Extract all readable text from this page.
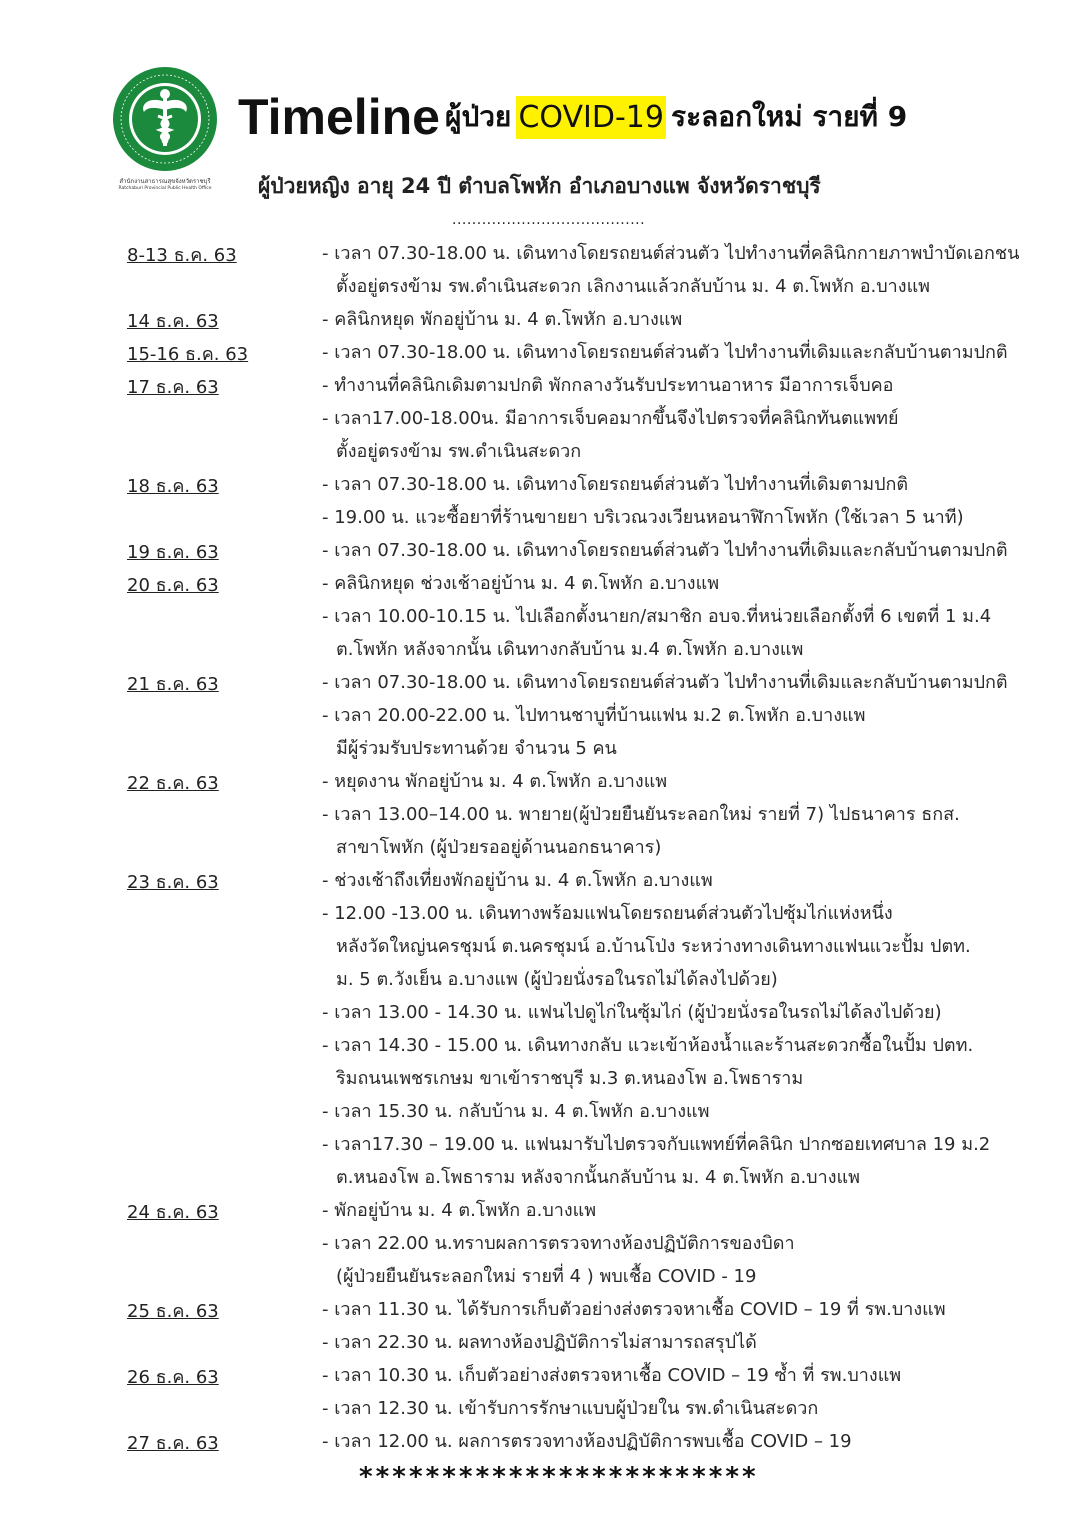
สำนักงานสาธารณสุขจังหวัดราชบุรี
Ratchaburi Provincial Public Health Office
Timeline ผู้ป่วย COVID-19 ระลอกใหม่ รายที่ 9
ผู้ป่วยหญิง อายุ 24 ปี ตำบลโพหัก อำเภอบางแพ จังหวัดราชบุรี
.......................................
8-13 ธ.ค. 63	- เวลา 07.30-18.00 น. เดินทางโดยรถยนต์ส่วนตัว ไปทำงานที่คลินิกกายภาพบำบัดเอกชน
ตั้งอยู่ตรงข้าม รพ.ดำเนินสะดวก เลิกงานแล้วกลับบ้าน ม. 4 ต.โพหัก อ.บางแพ
14 ธ.ค. 63	- คลินิกหยุด พักอยู่บ้าน ม. 4 ต.โพหัก อ.บางแพ
15-16 ธ.ค. 63	- เวลา 07.30-18.00 น. เดินทางโดยรถยนต์ส่วนตัว ไปทำงานที่เดิมและกลับบ้านตามปกติ
17 ธ.ค. 63	- ทำงานที่คลินิกเดิมตามปกติ พักกลางวันรับประทานอาหาร มีอาการเจ็บคอ
- เวลา17.00-18.00น. มีอาการเจ็บคอมากขึ้นจึงไปตรวจที่คลินิกทันตแพทย์
ตั้งอยู่ตรงข้าม รพ.ดำเนินสะดวก
18 ธ.ค. 63	- เวลา 07.30-18.00 น. เดินทางโดยรถยนต์ส่วนตัว ไปทำงานที่เดิมตามปกติ
- 19.00 น. แวะซื้อยาที่ร้านขายยา บริเวณวงเวียนหอนาฬิกาโพหัก (ใช้เวลา 5 นาที)
19 ธ.ค. 63	- เวลา 07.30-18.00 น. เดินทางโดยรถยนต์ส่วนตัว ไปทำงานที่เดิมและกลับบ้านตามปกติ
20 ธ.ค. 63	- คลินิกหยุด ช่วงเช้าอยู่บ้าน ม. 4 ต.โพหัก อ.บางแพ
- เวลา 10.00-10.15 น. ไปเลือกตั้งนายก/สมาชิก อบจ.ที่หน่วยเลือกตั้งที่ 6 เขตที่ 1 ม.4
ต.โพหัก หลังจากนั้น เดินทางกลับบ้าน ม.4 ต.โพหัก อ.บางแพ
21 ธ.ค. 63	- เวลา 07.30-18.00 น. เดินทางโดยรถยนต์ส่วนตัว ไปทำงานที่เดิมและกลับบ้านตามปกติ
- เวลา 20.00-22.00 น. ไปทานชาบูที่บ้านแฟน ม.2 ต.โพหัก อ.บางแพ
มีผู้ร่วมรับประทานด้วย จำนวน 5 คน
22 ธ.ค. 63	- หยุดงาน พักอยู่บ้าน ม. 4 ต.โพหัก อ.บางแพ
- เวลา 13.00–14.00 น. พายาย(ผู้ป่วยยืนยันระลอกใหม่ รายที่ 7) ไปธนาคาร ธกส.
สาขาโพหัก (ผู้ป่วยรออยู่ด้านนอกธนาคาร)
23 ธ.ค. 63	- ช่วงเช้าถึงเที่ยงพักอยู่บ้าน ม. 4 ต.โพหัก อ.บางแพ
- 12.00 -13.00 น. เดินทางพร้อมแฟนโดยรถยนต์ส่วนตัวไปซุ้มไก่แห่งหนึ่ง
หลังวัดใหญ่นครชุมน์ ต.นครชุมน์ อ.บ้านโป่ง ระหว่างทางเดินทางแฟนแวะปั้ม ปตท.
ม. 5 ต.วังเย็น อ.บางแพ (ผู้ป่วยนั่งรอในรถไม่ได้ลงไปด้วย)
- เวลา 13.00 - 14.30 น. แฟนไปดูไก่ในซุ้มไก่ (ผู้ป่วยนั่งรอในรถไม่ได้ลงไปด้วย)
- เวลา 14.30 - 15.00 น. เดินทางกลับ แวะเข้าห้องน้ำและร้านสะดวกซื้อในปั้ม ปตท.
ริมถนนเพชรเกษม ขาเข้าราชบุรี ม.3 ต.หนองโพ อ.โพธาราม
- เวลา 15.30 น. กลับบ้าน ม. 4 ต.โพหัก อ.บางแพ
- เวลา17.30 – 19.00 น. แฟนมารับไปตรวจกับแพทย์ที่คลินิก ปากซอยเทศบาล 19 ม.2
ต.หนองโพ อ.โพธาราม หลังจากนั้นกลับบ้าน ม. 4 ต.โพหัก อ.บางแพ
24 ธ.ค. 63	- พักอยู่บ้าน ม. 4 ต.โพหัก อ.บางแพ
- เวลา 22.00 น.ทราบผลการตรวจทางห้องปฏิบัติการของบิดา
(ผู้ป่วยยืนยันระลอกใหม่ รายที่ 4 ) พบเชื้อ COVID - 19
25 ธ.ค. 63	- เวลา 11.30 น. ได้รับการเก็บตัวอย่างส่งตรวจหาเชื้อ COVID – 19 ที่ รพ.บางแพ
- เวลา 22.30 น. ผลทางห้องปฏิบัติการไม่สามารถสรุปได้
26 ธ.ค. 63	- เวลา 10.30 น. เก็บตัวอย่างส่งตรวจหาเชื้อ COVID – 19 ซ้ำ ที่ รพ.บางแพ
- เวลา 12.30 น. เข้ารับการรักษาแบบผู้ป่วยใน รพ.ดำเนินสะดวก
27 ธ.ค. 63	- เวลา 12.00 น. ผลการตรวจทางห้องปฏิบัติการพบเชื้อ COVID – 19
************************
